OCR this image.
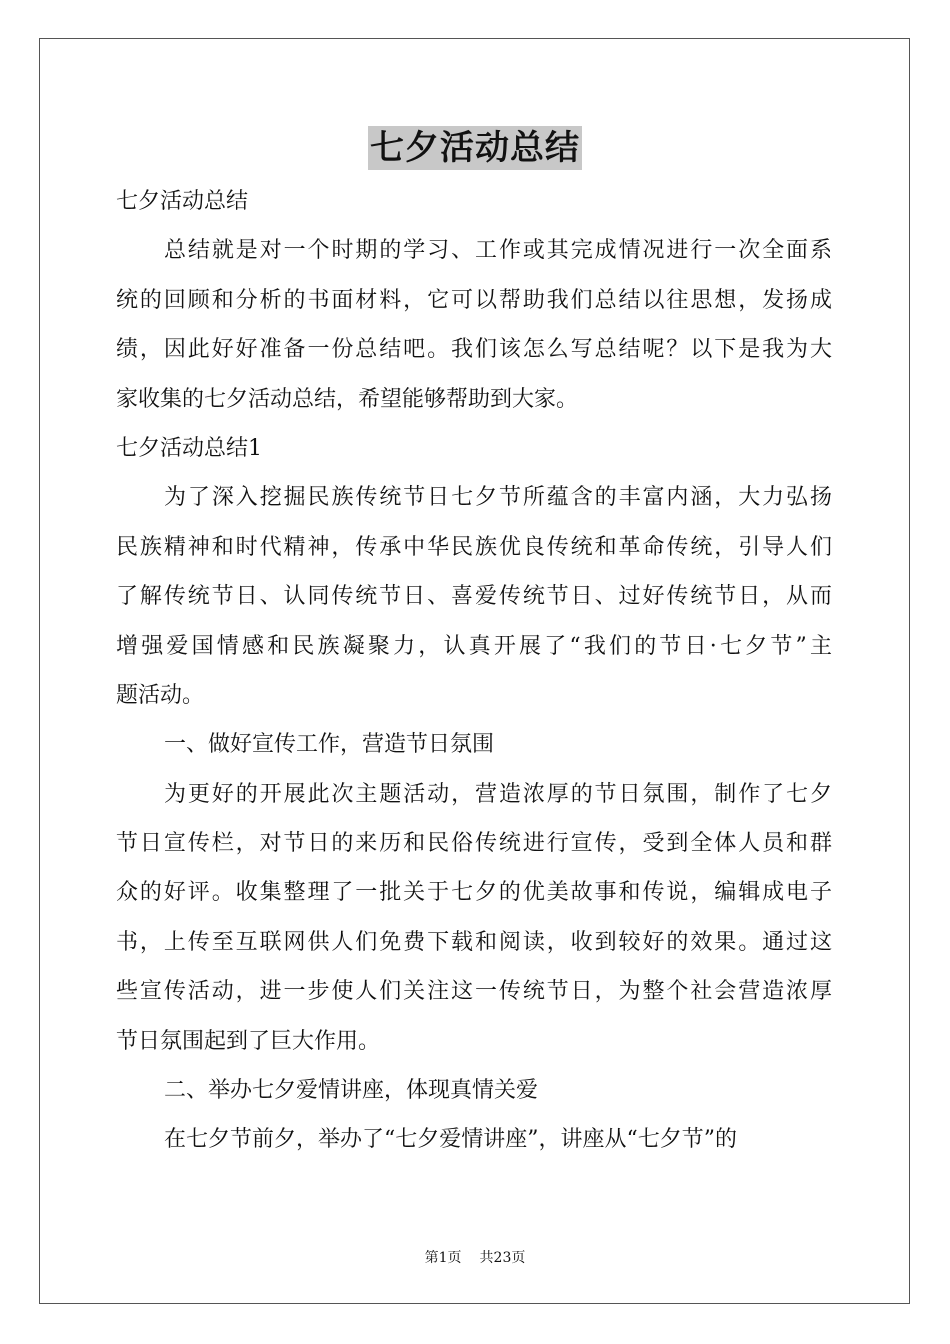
七夕活动总结
七夕活动总结
总结就是对一个时期的学习、工作或其完成情况进行一次全面系
统的回顾和分析的书面材料，它可以帮助我们总结以往思想，发扬成
绩，因此好好准备一份总结吧。我们该怎么写总结呢？以下是我为大
家收集的七夕活动总结，希望能够帮助到大家。
七夕活动总结1
为了深入挖掘民族传统节日七夕节所蕴含的丰富内涵，大力弘扬
民族精神和时代精神，传承中华民族优良传统和革命传统，引导人们
了解传统节日、认同传统节日、喜爱传统节日、过好传统节日，从而
增强爱国情感和民族凝聚力，认真开展了“我们的节日·七夕节”主
题活动。
一、做好宣传工作，营造节日氛围
为更好的开展此次主题活动，营造浓厚的节日氛围，制作了七夕
节日宣传栏，对节日的来历和民俗传统进行宣传，受到全体人员和群
众的好评。收集整理了一批关于七夕的优美故事和传说，编辑成电子
书，上传至互联网供人们免费下载和阅读，收到较好的效果。通过这
些宣传活动，进一步使人们关注这一传统节日，为整个社会营造浓厚
节日氛围起到了巨大作用。
二、举办七夕爱情讲座，体现真情关爱
在七夕节前夕，举办了“七夕爱情讲座”，讲座从“七夕节”的
第1页 共23页
